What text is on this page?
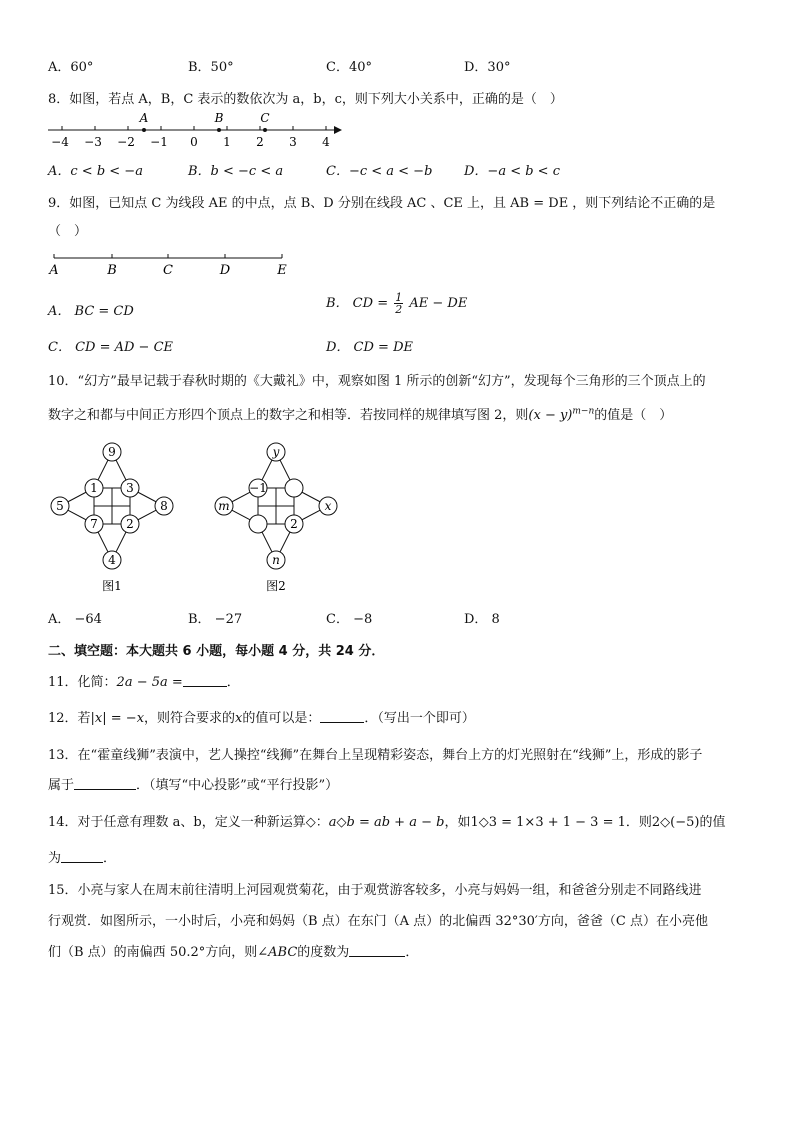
A．60°	B．50°	C．40°	D．30°
8．如图，若点 A，B，C 表示的数依次为 a，b，c，则下列大小关系中，正确的是（　）
−4 −3 −2 −1 0 1 2 3 4
A	B	C
A．c < b < −a	B．b < −c < a	C．−c < a < −b D．−a < b < c
9．如图，已知点 C 为线段 AE 的中点，点 B、D 分别在线段 AC 、CE 上，且 AB = DE ，则下列结论不正确的是
（　）
A	B	C	D	E
A． BC = CD
B． CD = $\frac{1}{2}$ AE − DE
C． CD = AD − CE	D． CD = DE
10．“幻方”最早记载于春秋时期的《大戴礼》中，观察如图 1 所示的创新“幻方”，发现每个三角形的三个顶点上的
数字之和都与中间正方形四个顶点上的数字之和相等．若按同样的规律填写图 2，则$(x - y)^{m-n}$的值是（　）
9
1 3
5	8
7 2
4
图1
y
−1
m	x
2
n
图2
A． −64	B． −27	C． −8	D． 8
二、填空题：本大题共 6 小题，每小题 4 分，共 24 分．
11．化简：2a − 5a =	．
12．若|x| = −x，则符合要求的x的值可以是：	．（写出一个即可）
13．在“霍童线狮”表演中，艺人操控“线狮”在舞台上呈现精彩姿态，舞台上方的灯光照射在“线狮”上，形成的影子
属于	．（填写“中心投影”或“平行投影”）
14．对于任意有理数 a、b，定义一种新运算◇：a◇b = ab + a − b，如1◇3 = 1×3 + 1 − 3 = 1．则2◇(−5)的值
为	．
15．小亮与家人在周末前往清明上河园观赏菊花，由于观赏游客较多，小亮与妈妈一组，和爸爸分别走不同路线进
行观赏．如图所示，一小时后，小亮和妈妈（B 点）在东门（A 点）的北偏西 32°30′方向，爸爸（C 点）在小亮他
们（B 点）的南偏西 50.2°方向，则∠ABC的度数为	．
